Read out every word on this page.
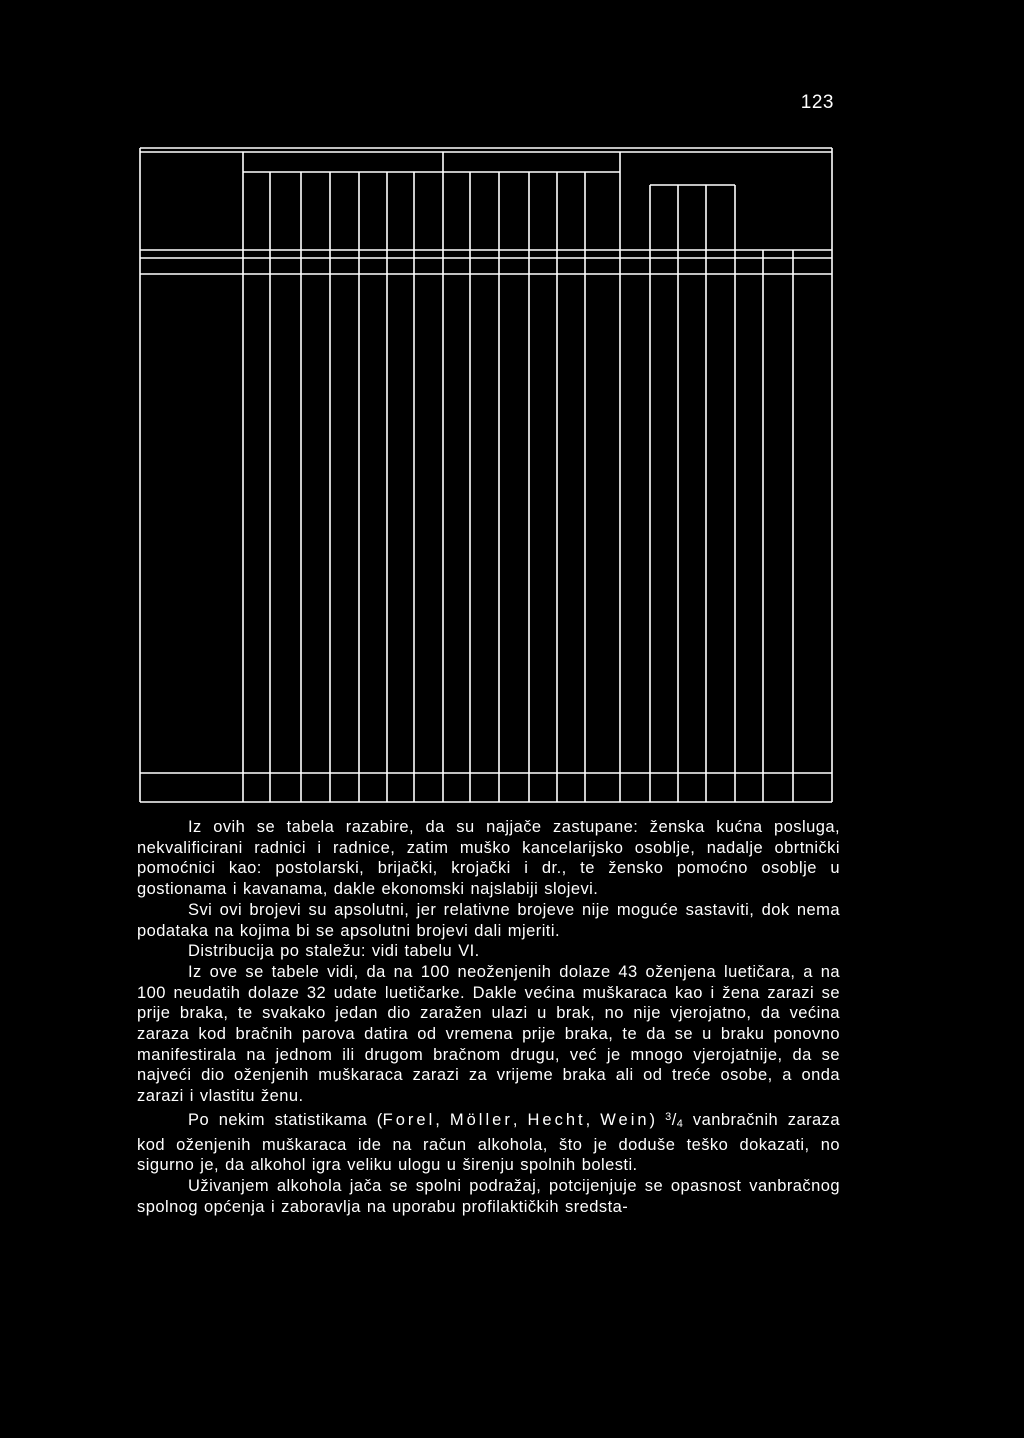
123

Iz ovih se tabela razabire, da su najjače zastupane: ženska kućna posluga, nekvalificirani radnici i radnice, zatim muško kancelarijsko osoblje, nadalje obrtnički pomoćnici kao: postolarski, brijački, krojački i dr., te žensko pomoćno osoblje u gostionama i kavanama, dakle ekonomski najslabiji slojevi.

Svi ovi brojevi su apsolutni, jer relativne brojeve nije moguće sastaviti, dok nema podataka na kojima bi se apsolutni brojevi dali mjeriti.

Distribucija po staležu: vidi tabelu VI.

Iz ove se tabele vidi, da na 100 neoženjenih dolaze 43 oženjena luetičara, a na 100 neudatih dolaze 32 udate luetičarke. Dakle većina muškaraca kao i žena zarazi se prije braka, te svakako jedan dio zaražen ulazi u brak, no nije vjerojatno, da većina zaraza kod bračnih parova datira od vremena prije braka, te da se u braku ponovno manifestirala na jednom ili drugom bračnom drugu, već je mnogo vjerojatnije, da se najveći dio oženjenih muškaraca zarazi za vrijeme braka ali od treće osobe, a onda zarazi i vlastitu ženu.

Po nekim statistikama (Forel, Möller, Hecht, Wein) $^3$/4 vanbračnih zaraza kod oženjenih muškaraca ide na račun alkohola, što je doduše teško dokazati, no sigurno je, da alkohol igra veliku ulogu u širenju spolnih bolesti.

Uživanjem alkohola jača se spolni podražaj, potcijenjuje se opasnost vanbračnog spolnog općenja i zaboravlja na uporabu profilaktičkih sredsta-
